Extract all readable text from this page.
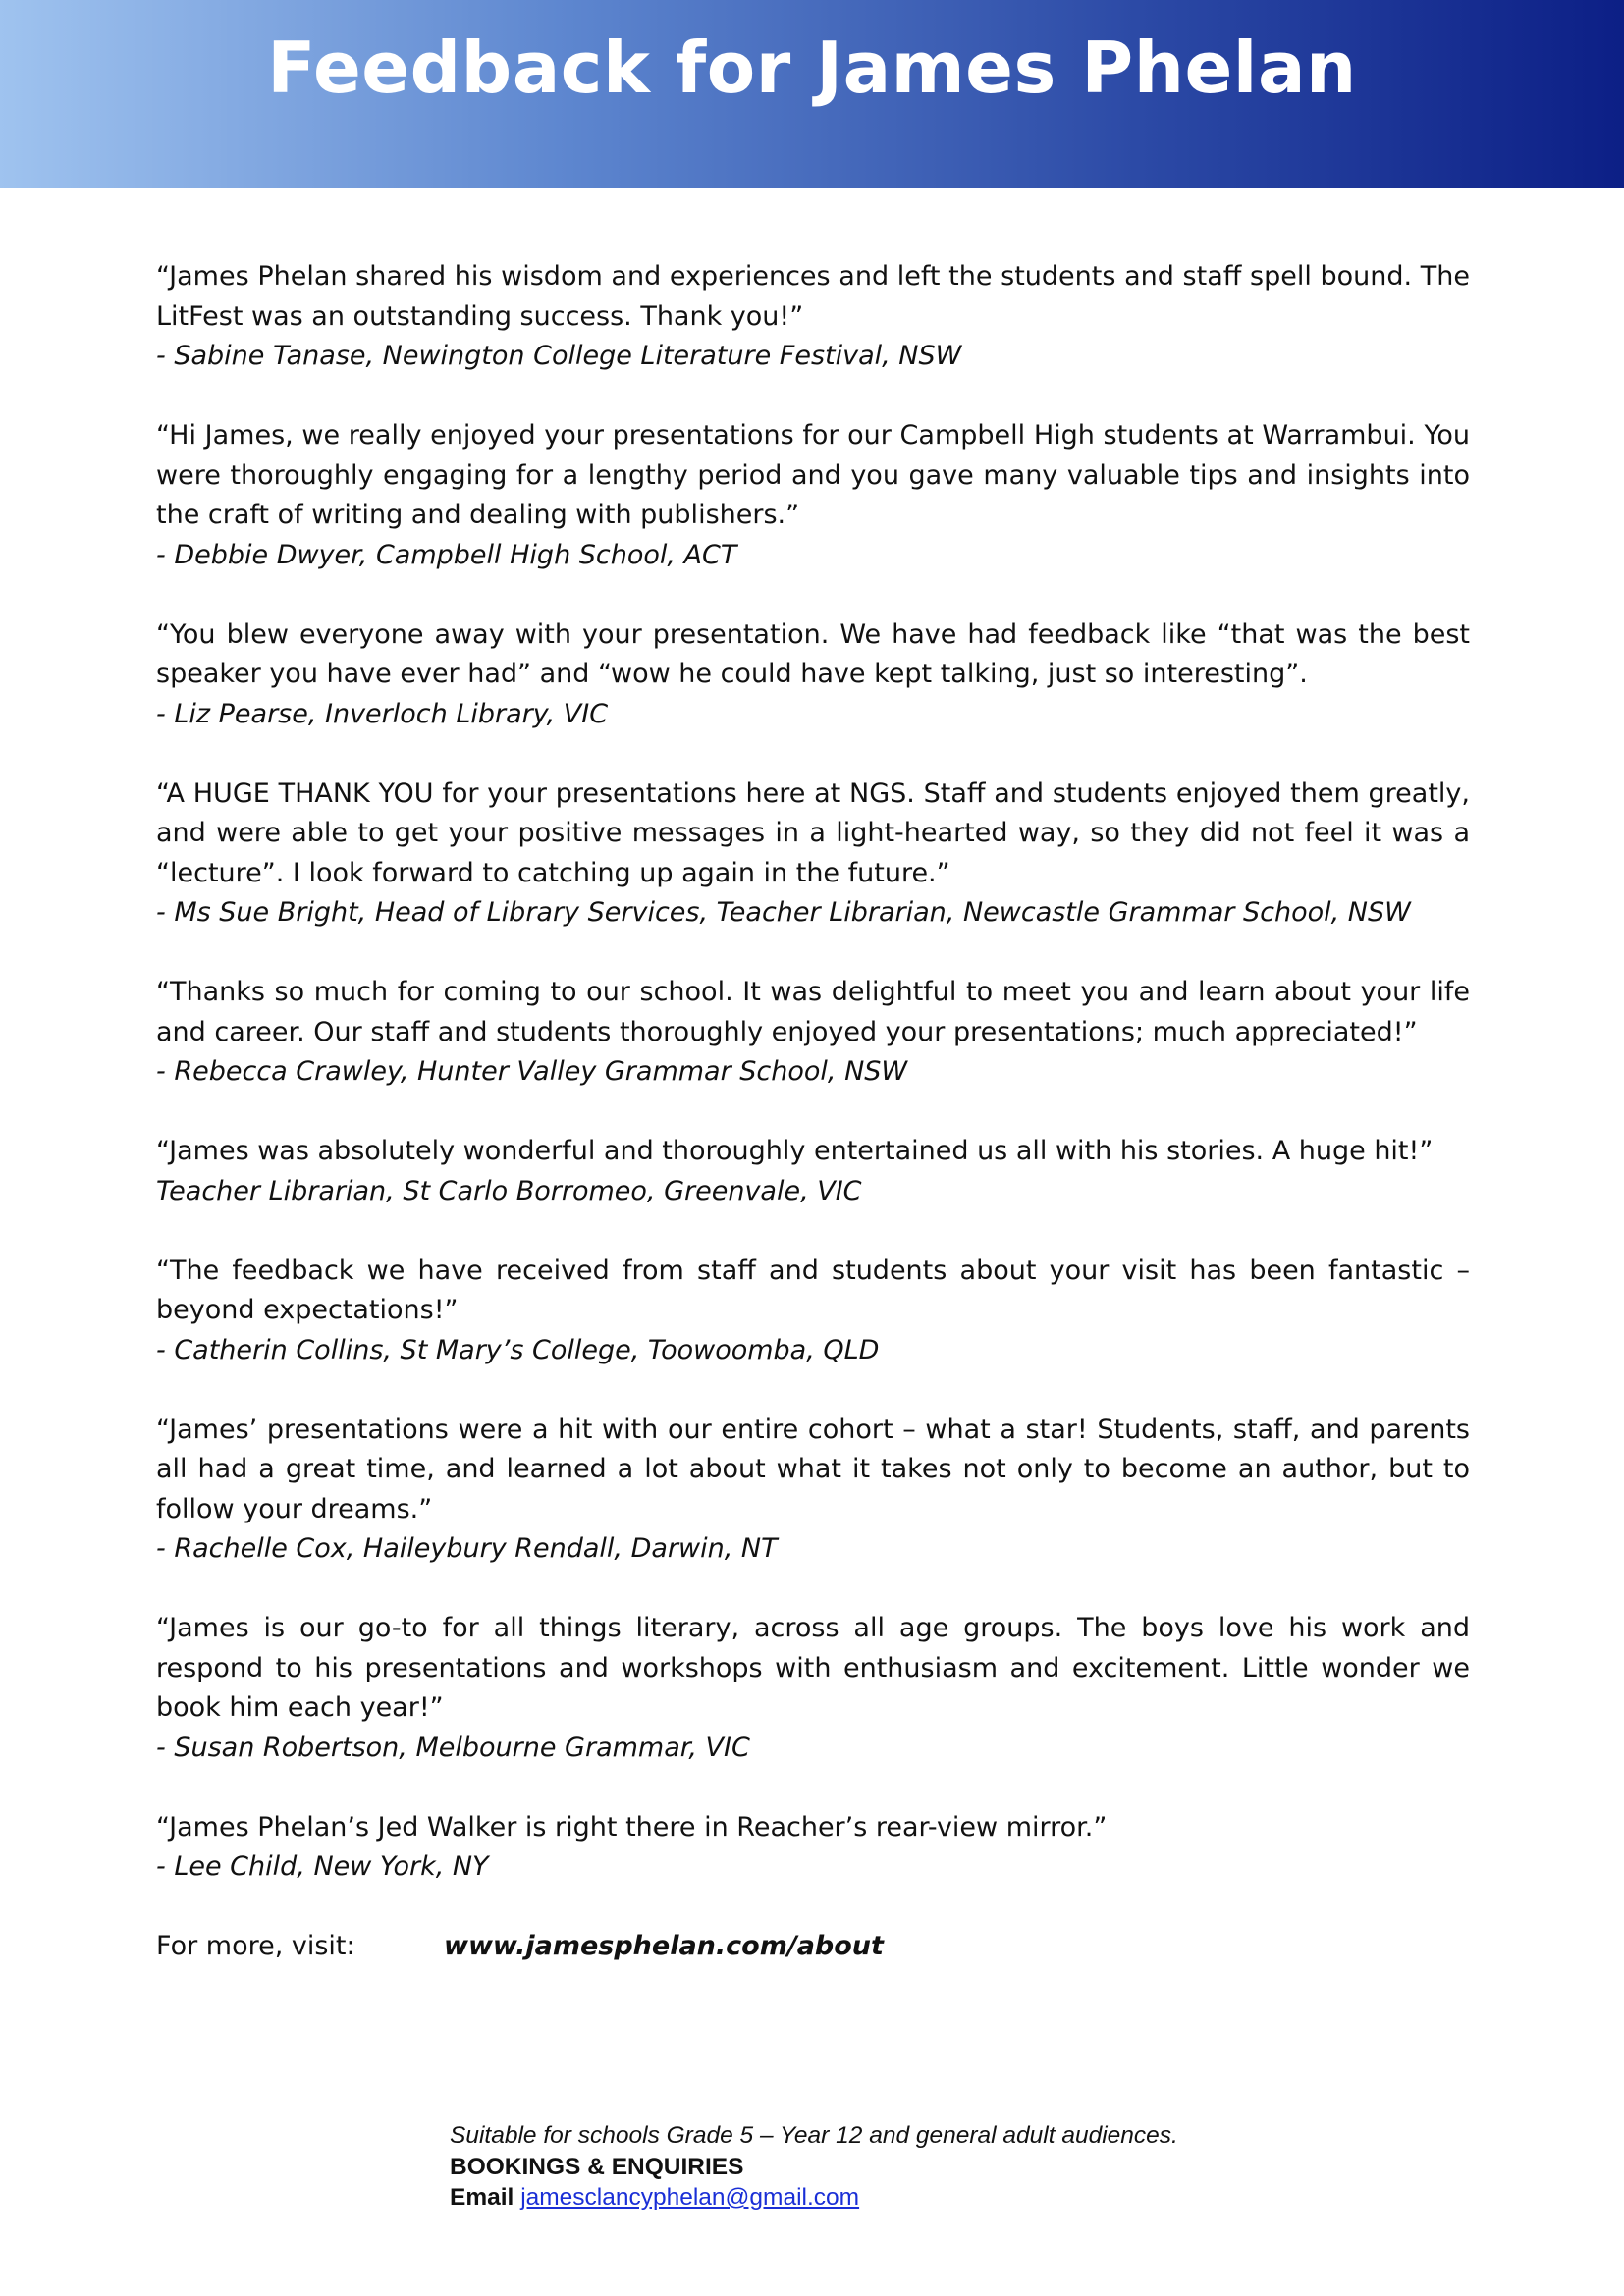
Feedback for James Phelan

“James Phelan shared his wisdom and experiences and left the students and staff spell bound. The LitFest was an outstanding success. Thank you!”

- Sabine Tanase, Newington College Literature Festival, NSW

“Hi James, we really enjoyed your presentations for our Campbell High students at Warrambui. You were thoroughly engaging for a lengthy period and you gave many valuable tips and insights into the craft of writing and dealing with publishers.”

- Debbie Dwyer, Campbell High School, ACT

“You blew everyone away with your presentation. We have had feedback like “that was the best speaker you have ever had” and “wow he could have kept talking, just so interesting”.

- Liz Pearse, Inverloch Library, VIC

“A HUGE THANK YOU for your presentations here at NGS. Staff and students enjoyed them greatly, and were able to get your positive messages in a light-hearted way, so they did not feel it was a “lecture”. I look forward to catching up again in the future.”

- Ms Sue Bright, Head of Library Services, Teacher Librarian, Newcastle Grammar School, NSW

“Thanks so much for coming to our school. It was delightful to meet you and learn about your life and career. Our staff and students thoroughly enjoyed your presentations; much appreciated!”

- Rebecca Crawley, Hunter Valley Grammar School, NSW

“James was absolutely wonderful and thoroughly entertained us all with his stories. A huge hit!”

Teacher Librarian, St Carlo Borromeo, Greenvale, VIC

“The feedback we have received from staff and students about your visit has been fantastic – beyond expectations!”

- Catherin Collins, St Mary’s College, Toowoomba, QLD

“James’ presentations were a hit with our entire cohort – what a star! Students, staff, and parents all had a great time, and learned a lot about what it takes not only to become an author, but to follow your dreams.”

- Rachelle Cox, Haileybury Rendall, Darwin, NT

“James is our go-to for all things literary, across all age groups. The boys love his work and respond to his presentations and workshops with enthusiasm and excitement. Little wonder we book him each year!”

- Susan Robertson, Melbourne Grammar, VIC

“James Phelan’s Jed Walker is right there in Reacher’s rear-view mirror.”

- Lee Child, New York, NY

For more, visit:	www.jamesphelan.com/about

Suitable for schools Grade 5 – Year 12 and general adult audiences.

BOOKINGS & ENQUIRIES

Email jamesclancyphelan@gmail.com
